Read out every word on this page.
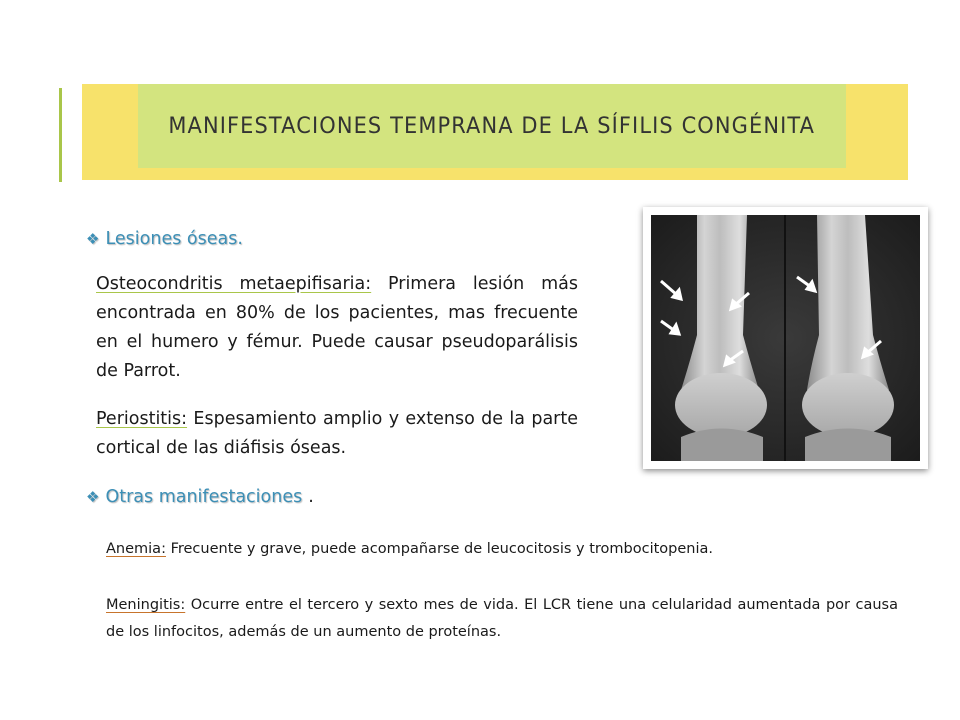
MANIFESTACIONES TEMPRANA DE LA SÍFILIS CONGÉNITA
❖ Lesiones óseas.

Osteocondritis metaepifisaria: Primera lesión más encontrada en 80% de los pacientes, mas frecuente en el humero y fémur. Puede causar pseudoparálisis de Parrot.

Periostitis: Espesamiento amplio y extenso de la parte cortical de las diáfisis óseas.

❖ Otras manifestaciones .

Anemia: Frecuente y grave, puede acompañarse de leucocitosis y trombocitopenia.

Meningitis: Ocurre entre el tercero y sexto mes de vida. El LCR tiene una celularidad aumentada por causa de los linfocitos, además de un aumento de proteínas.
